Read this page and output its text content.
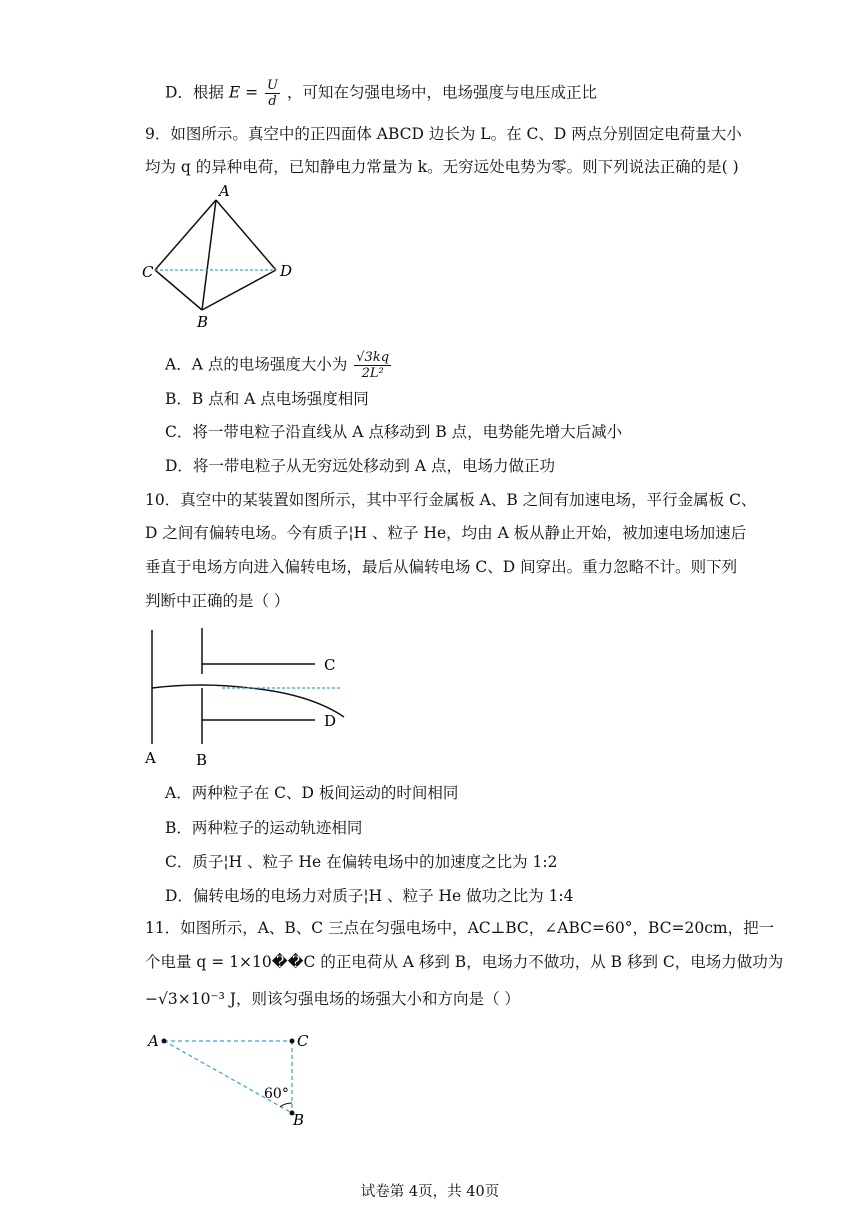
D．根据 $E = \frac{U}{d}$ ，可知在匀强电场中，电场强度与电压成正比
9．如图所示。真空中的正四面体 ABCD 边长为 L。在 C、D 两点分别固定电荷量大小
均为 q 的异种电荷，已知静电力常量为 k。无穷远处电势为零。则下列说法正确的是( )
A
C	D
B
A．A 点的电场强度大小为 $\frac{√3kq}{\text{2L²}}$
B．B 点和 A 点电场强度相同
C．将一带电粒子沿直线从 A 点移动到 B 点，电势能先增大后减小
D．将一带电粒子从无穷远处移动到 A 点，电场力做正功
10．真空中的某装置如图所示，其中平行金属板 A、B 之间有加速电场，平行金属板 C、
D 之间有偏转电场。今有质子¦H 、粒子 He，均由 A 板从静止开始，被加速电场加速后
垂直于电场方向进入偏转电场，最后从偏转电场 C、D 间穿出。重力忽略不计。则下列
判断中正确的是（ ）
C
D
A	B
A．两种粒子在 C、D 板间运动的时间相同
B．两种粒子的运动轨迹相同
C．质子¦H 、粒子 He 在偏转电场中的加速度之比为 1:2
D．偏转电场的电场力对质子¦H 、粒子 He 做功之比为 1:4
11．如图所示，A、B、C 三点在匀强电场中，AC⊥BC，∠ABC=60°，BC=20cm，把一
个电量 q = 1×10��C 的正电荷从 A 移到 B，电场力不做功，从 B 移到 C，电场力做功为
−√3×10⁻³ J，则该匀强电场的场强大小和方向是（ ）
A	C
B
60°
试卷第 4页，共 40页
